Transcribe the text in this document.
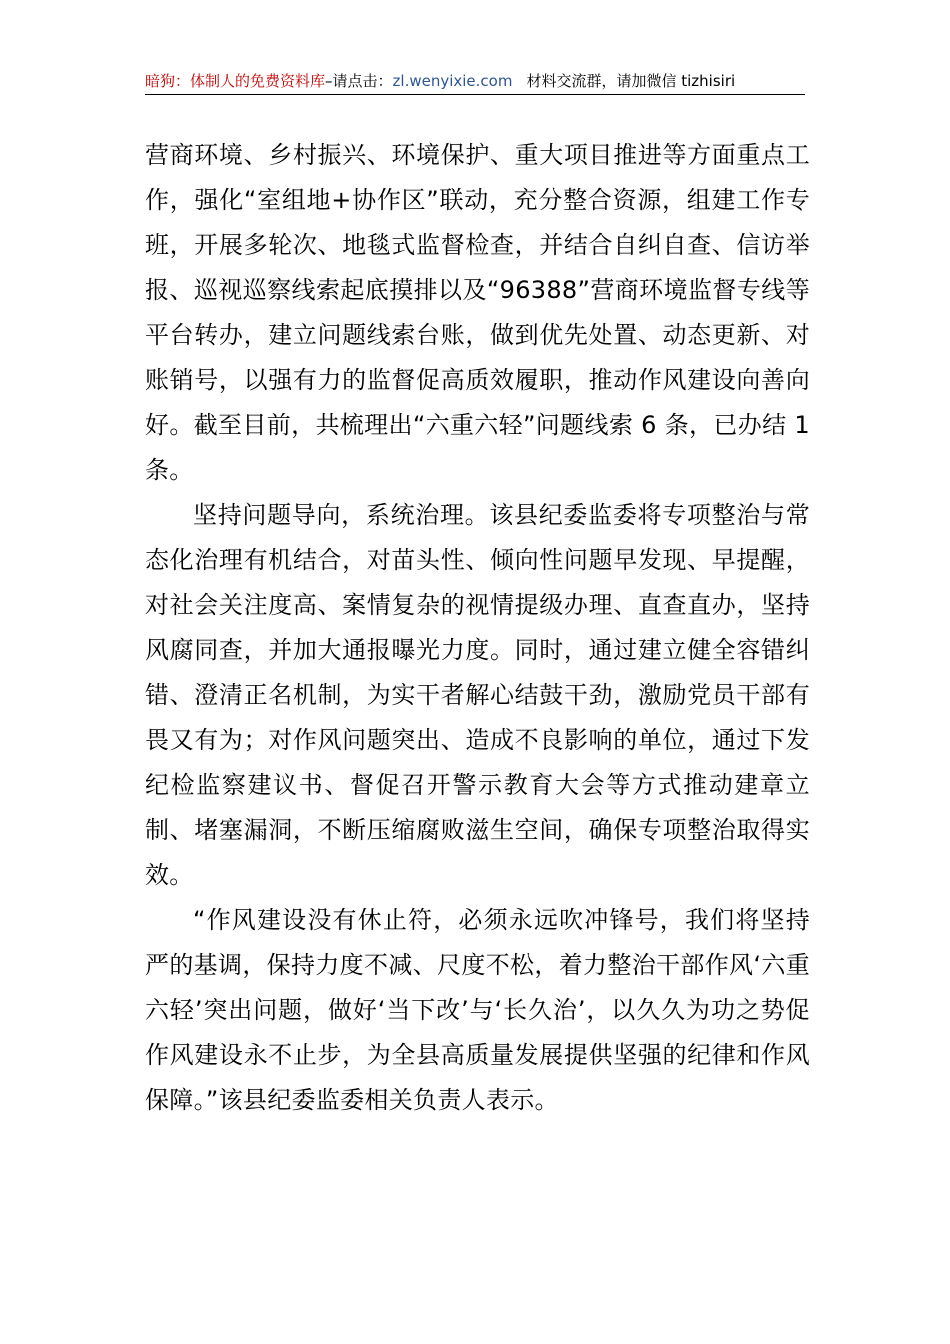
暗狗：体制人的免费资料库–请点击：zl.wenyixie.com 材料交流群，请加微信 tizhisiri

营商环境、乡村振兴、环境保护、重大项目推进等方面重点工作，强化“室组地+协作区”联动，充分整合资源，组建工作专班，开展多轮次、地毯式监督检查，并结合自纠自查、信访举报、巡视巡察线索起底摸排以及“96388”营商环境监督专线等平台转办，建立问题线索台账，做到优先处置、动态更新、对账销号，以强有力的监督促高质效履职，推动作风建设向善向好。截至目前，共梳理出“六重六轻”问题线索 6 条，已办结 1 条。

坚持问题导向，系统治理。该县纪委监委将专项整治与常态化治理有机结合，对苗头性、倾向性问题早发现、早提醒，对社会关注度高、案情复杂的视情提级办理、直查直办，坚持风腐同查，并加大通报曝光力度。同时，通过建立健全容错纠错、澄清正名机制，为实干者解心结鼓干劲，激励党员干部有畏又有为；对作风问题突出、造成不良影响的单位，通过下发纪检监察建议书、督促召开警示教育大会等方式推动建章立制、堵塞漏洞，不断压缩腐败滋生空间，确保专项整治取得实效。

“作风建设没有休止符，必须永远吹冲锋号，我们将坚持严的基调，保持力度不减、尺度不松，着力整治干部作风‘六重六轻’突出问题，做好‘当下改’与‘长久治’，以久久为功之势促作风建设永不止步，为全县高质量发展提供坚强的纪律和作风保障。”该县纪委监委相关负责人表示。
